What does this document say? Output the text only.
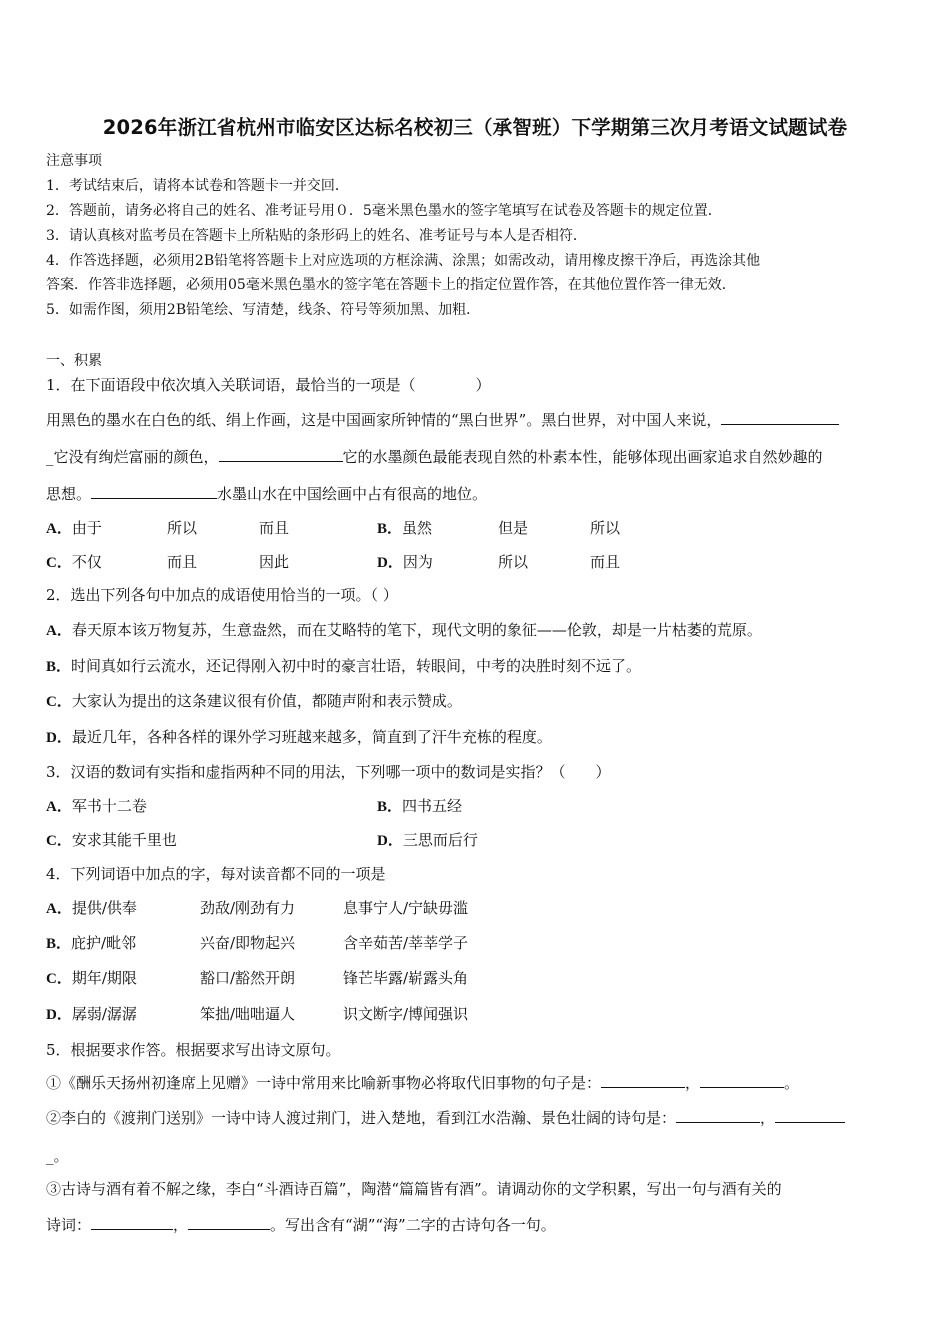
2026年浙江省杭州市临安区达标名校初三（承智班）下学期第三次月考语文试题试卷
注意事项
1．考试结束后，请将本试卷和答题卡一并交回．
2．答题前，请务必将自己的姓名、准考证号用０．5毫米黑色墨水的签字笔填写在试卷及答题卡的规定位置．
3．请认真核对监考员在答题卡上所粘贴的条形码上的姓名、准考证号与本人是否相符．
4．作答选择题，必须用2B铅笔将答题卡上对应选项的方框涂满、涂黑；如需改动，请用橡皮擦干净后，再选涂其他
答案．作答非选择题，必须用05毫米黑色墨水的签字笔在答题卡上的指定位置作答，在其他位置作答一律无效．
5．如需作图，须用2B铅笔绘、写清楚，线条、符号等须加黑、加粗．
一、积累
1．在下面语段中依次填入关联词语，最恰当的一项是（　　　　）
用黑色的墨水在白色的纸、绢上作画，这是中国画家所钟情的“黑白世界”。黑白世界，对中国人来说，
_它没有绚烂富丽的颜色，	它的水墨颜色最能表现自然的朴素本性，能够体现出画家追求自然妙趣的
思想。	水墨山水在中国绘画中占有很高的地位。
A．由于	所以	而且	B．虽然	但是	所以
C．不仅	而且	因此	D．因为	所以	而且
2．选出下列各句中加点的成语使用恰当的一项。（ ）
A．春天原本该万物复苏，生意盎然，而在艾略特的笔下，现代文明的象征——伦敦，却是一片枯萎的荒原。
B．时间真如行云流水，还记得刚入初中时的豪言壮语，转眼间，中考的决胜时刻不远了。
C．大家认为提出的这条建议很有价值，都随声附和表示赞成。
D．最近几年，各种各样的课外学习班越来越多，简直到了汗牛充栋的程度。
3．汉语的数词有实指和虚指两种不同的用法，下列哪一项中的数词是实指？（　　）
A．军书十二卷	B．四书五经
C．安求其能千里也	D．三思而后行
4．下列词语中加点的字，每对读音都不同的一项是
A．提供/供奉	劲敌/刚劲有力	息事宁人/宁缺毋滥
B．庇护/毗邻	兴奋/即物起兴	含辛茹苦/莘莘学子
C．期年/期限	豁口/豁然开朗	锋芒毕露/崭露头角
D．孱弱/潺潺	笨拙/咄咄逼人	识文断字/博闻强识
5．根据要求作答。根据要求写出诗文原句。
①《酬乐天扬州初逢席上见赠》一诗中常用来比喻新事物必将取代旧事物的句子是：	，	。
②李白的《渡荆门送别》一诗中诗人渡过荆门，进入楚地，看到江水浩瀚、景色壮阔的诗句是：	，
_。
③古诗与酒有着不解之缘，李白“斗酒诗百篇”，陶潜“篇篇皆有酒”。请调动你的文学积累，写出一句与酒有关的
诗词：	，	。写出含有“湖”“海”二字的古诗句各一句。
